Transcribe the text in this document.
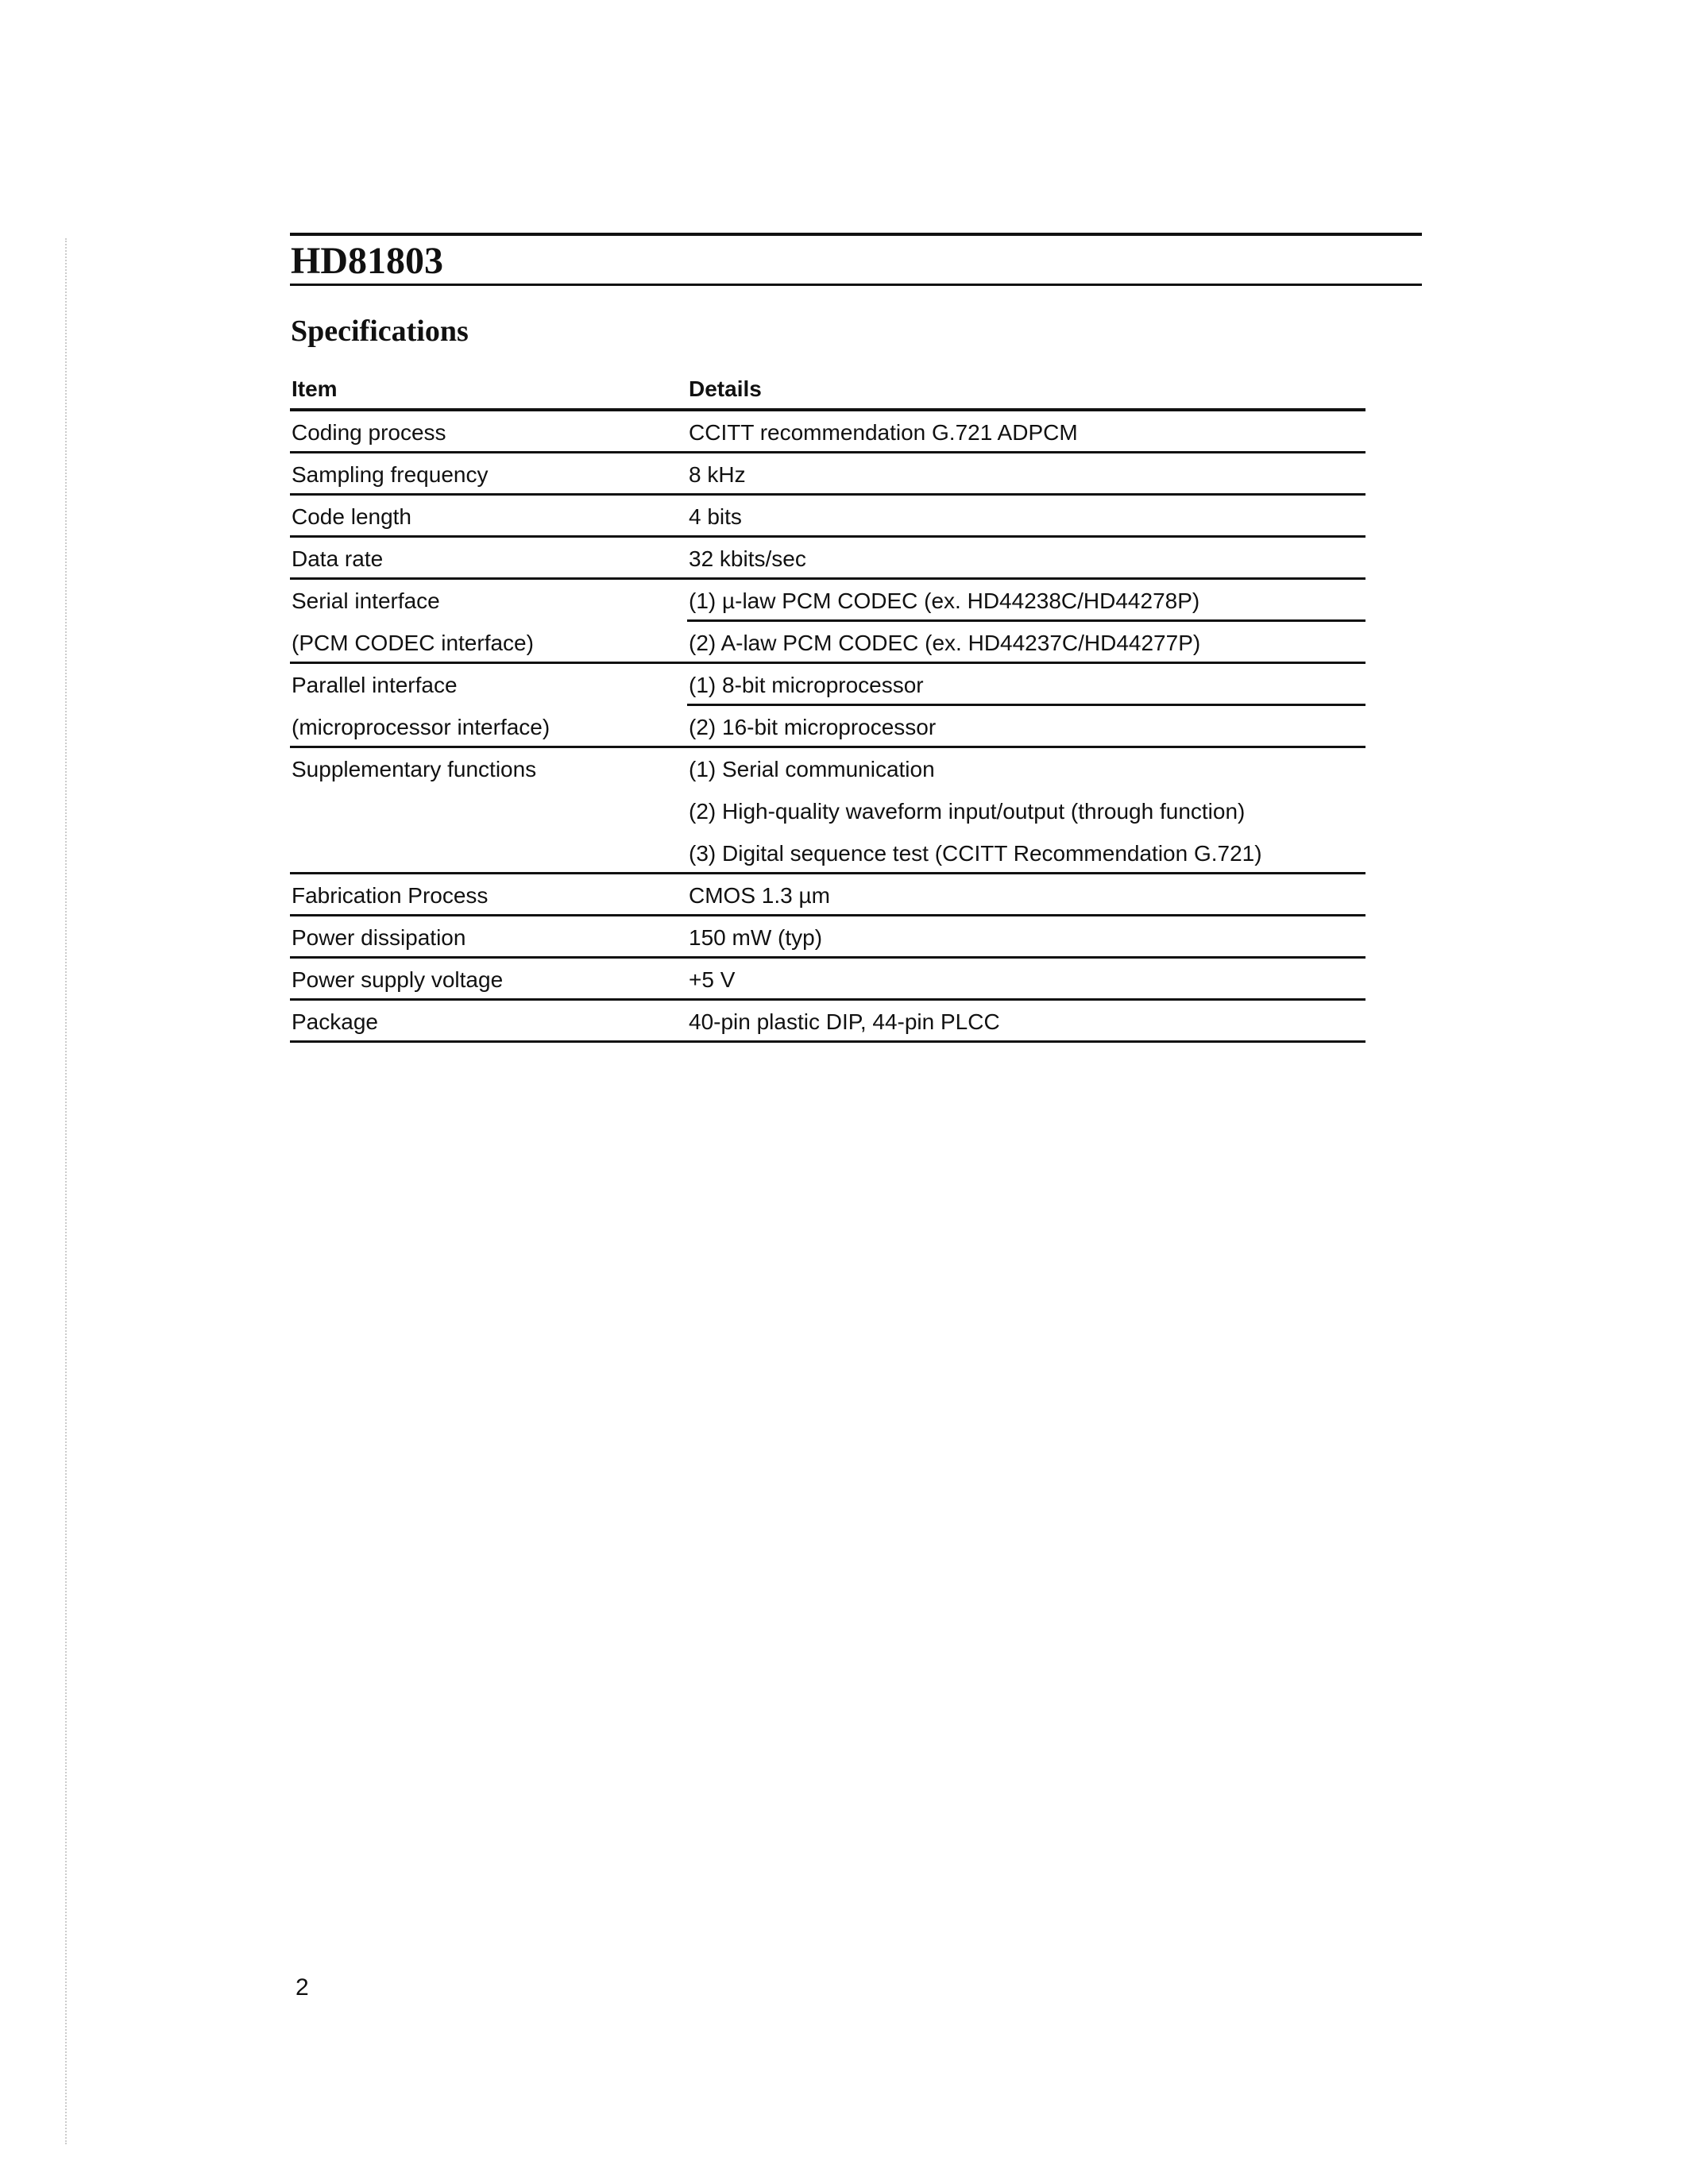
HD81803
Specifications
Item	Details
Coding process	CCITT recommendation G.721 ADPCM
Sampling frequency	8 kHz
Code length	4 bits
Data rate	32 kbits/sec
Serial interface	(1) µ-law PCM CODEC (ex. HD44238C/HD44278P)
(PCM CODEC interface)	(2) A-law PCM CODEC (ex. HD44237C/HD44277P)
Parallel interface	(1) 8-bit microprocessor
(microprocessor interface)	(2) 16-bit microprocessor
Supplementary functions	(1) Serial communication
(2) High-quality waveform input/output (through function)
(3) Digital sequence test (CCITT Recommendation G.721)
Fabrication Process	CMOS 1.3 µm
Power dissipation	150 mW (typ)
Power supply voltage	+5 V
Package	40-pin plastic DIP, 44-pin PLCC
2
